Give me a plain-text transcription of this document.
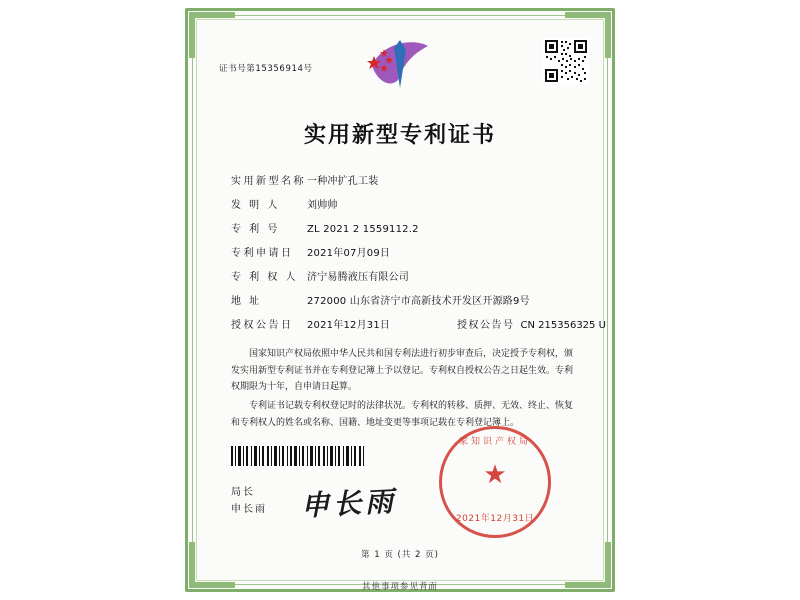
证书号第15356914号
实用新型专利证书
实用新型名称 一种冲扩孔工装
发 明 人	刘帅帅
专 利 号	ZL 2021 2 1559112.2
专利申请日	2021年07月09日
专 利 权 人 济宁易腾液压有限公司
地 址	272000 山东省济宁市高新技术开发区开源路9号
授权公告日	2021年12月31日	授权公告号 CN 215356325 U
国家知识产权局依照中华人民共和国专利法进行初步审查后，决定授予专利权，颁发实用新型专利证书并在专利登记簿上予以登记。专利权自授权公告之日起生效。专利权期限为十年，自申请日起算。
专利证书记载专利权登记时的法律状况。专利权的转移、质押、无效、终止、恢复和专利权人的姓名或名称、国籍、地址变更等事项记载在专利登记簿上。
局长
申长雨 申长雨
家知识产权局
★
2021年12月31日
第 1 页 (共 2 页)
其他事项参见背面
